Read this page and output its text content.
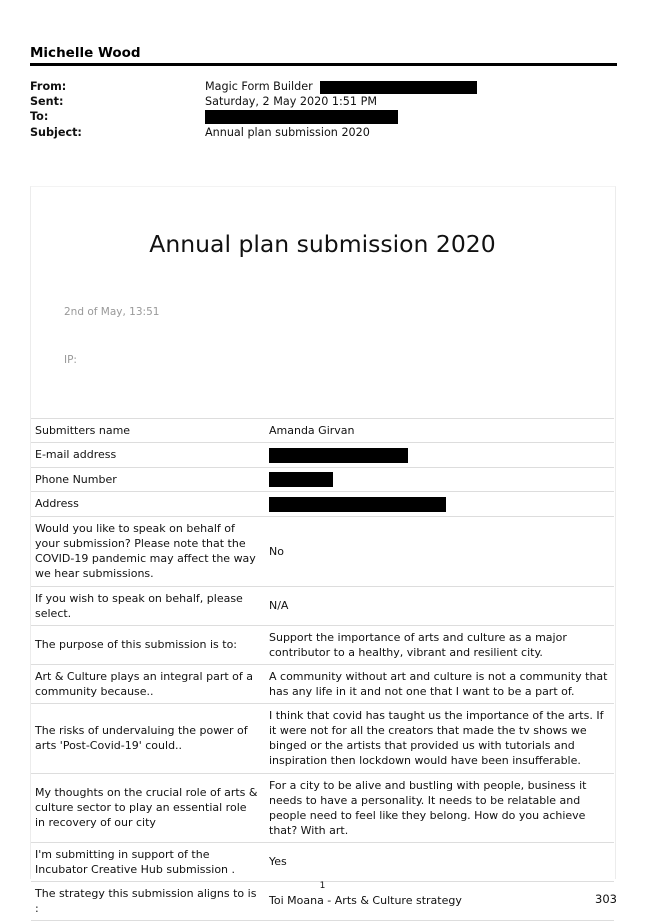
Michelle Wood
From:	Magic Form Builder
Sent:	Saturday, 2 May 2020 1:51 PM
To:
Subject:	Annual plan submission 2020
Annual plan submission 2020
2nd of May, 13:51
IP:
Submitters name	Amanda Girvan
E-mail address	
Phone Number	
Address	
Would you like to speak on behalf of your submission? Please note that the COVID-19 pandemic may affect the way we hear submissions.	No
If you wish to speak on behalf, please select.	N/A
The purpose of this submission is to:	Support the importance of arts and culture as a major contributor to a healthy, vibrant and resilient city.
Art & Culture plays an integral part of a community because..	A community without art and culture is not a community that has any life in it and not one that I want to be a part of.
The risks of undervaluing the power of arts 'Post-Covid-19' could..	I think that covid has taught us the importance of the arts. If it were not for all the creators that made the tv shows we binged or the artists that provided us with tutorials and inspiration then lockdown would have been insufferable.
My thoughts on the crucial role of arts & culture sector to play an essential role in recovery of our city	For a city to be alive and bustling with people, business it needs to have a personality. It needs to be relatable and people need to feel like they belong. How do you achieve that? With art.
I'm submitting in support of the Incubator Creative Hub submission .	Yes
The strategy this submission aligns to is :	Toi Moana - Arts & Culture strategy
1
303
